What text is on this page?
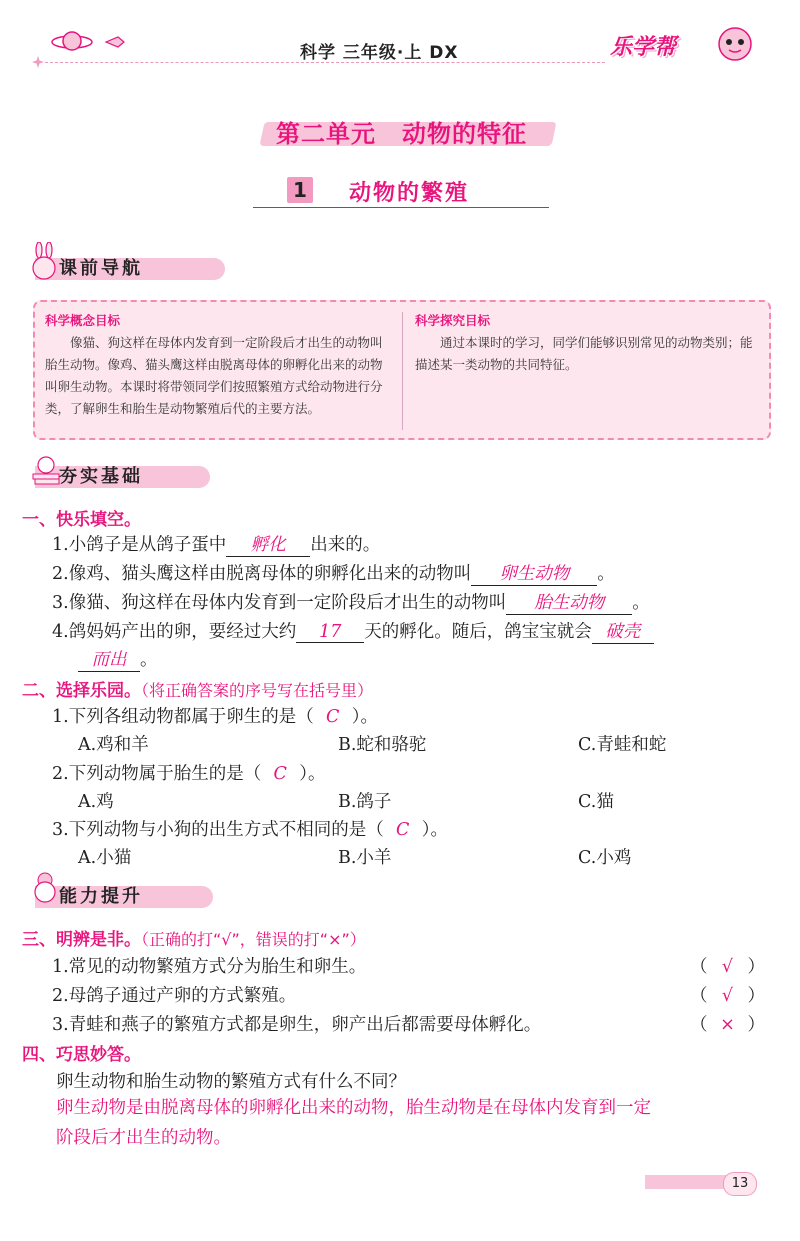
科学 三年级·上 DX	乐学帮
第二单元 动物的特征
1 动物的繁殖
课前导航
科学概念目标

像猫、狗这样在母体内发育到一定阶段后才出生的动物叫胎生动物。像鸡、猫头鹰这样由脱离母体的卵孵化出来的动物叫卵生动物。本课时将带领同学们按照繁殖方式给动物进行分类，了解卵生和胎生是动物繁殖后代的主要方法。

科学探究目标

通过本课时的学习，同学们能够识别常见的动物类别；能描述某一类动物的共同特征。

夯实基础
一、快乐填空。
1.小鸽子是从鸽子蛋中 孵化 出来的。
2.像鸡、猫头鹰这样由脱离母体的卵孵化出来的动物叫 卵生动物 。
3.像猫、狗这样在母体内发育到一定阶段后才出生的动物叫 胎生动物 。
4.鸽妈妈产出的卵，要经过大约 17 天的孵化。随后，鸽宝宝就会 破壳
而出 。
二、选择乐园。（将正确答案的序号写在括号里）
1.下列各组动物都属于卵生的是（ C ）。
A.鸡和羊	B.蛇和骆驼	C.青蛙和蛇
2.下列动物属于胎生的是（ C ）。
A.鸡	B.鸽子	C.猫
3.下列动物与小狗的出生方式不相同的是（ C ）。
A.小猫	B.小羊	C.小鸡
能力提升
三、明辨是非。（正确的打“√”，错误的打“×”）
1.常见的动物繁殖方式分为胎生和卵生。	（ √ ）
2.母鸽子通过产卵的方式繁殖。	（ √ ）
3.青蛙和燕子的繁殖方式都是卵生，卵产出后都需要母体孵化。	（ × ）
四、巧思妙答。
卵生动物和胎生动物的繁殖方式有什么不同？
卵生动物是由脱离母体的卵孵化出来的动物，胎生动物是在母体内发育到一定
阶段后才出生的动物。
13
